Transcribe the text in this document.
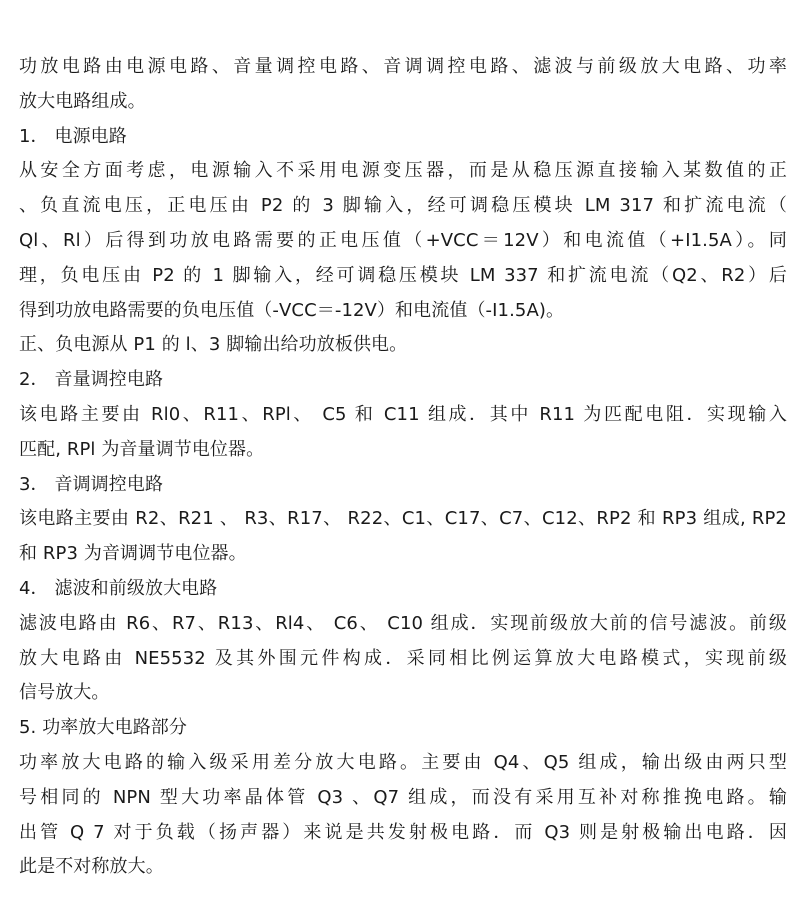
功放电路由电源电路、音量调控电路、音调调控电路、滤波与前级放大电路、功率
放大电路组成。
1． 电源电路
从安全方面考虑，电源输入不采用电源变压器，而是从稳压源直接输入某数值的正
、负直流电压，正电压由 P2 的 3 脚输入，经可调稳压模块 LM 317 和扩流电流（
Ql、Rl）后得到功放电路需要的正电压值（+VCC＝12V）和电流值（+I1.5A）。同
理，负电压由 P2 的 1 脚输入，经可调稳压模块 LM 337 和扩流电流（Q2、R2）后
得到功放电路需要的负电压值（-VCC＝-12V）和电流值（-I1.5A)。
正、负电源从 P1 的 l、3 脚输出给功放板供电。
2． 音量调控电路
该电路主要由 Rl0、R11、RPl、 C5 和 C11 组成．其中 R11 为匹配电阻．实现输入
匹配, RPl 为音量调节电位器。
3． 音调调控电路
该电路主要由 R2、R21 、 R3、R17、 R22、C1、C17、C7、C12、RP2 和 RP3 组成, RP2
和 RP3 为音调调节电位器。
4． 滤波和前级放大电路
滤波电路由 R6、R7、R13、Rl4、 C6、 C10 组成．实现前级放大前的信号滤波。前级
放大电路由 NE5532 及其外围元件构成．采同相比例运算放大电路模式，实现前级
信号放大。
5. 功率放大电路部分
功率放大电路的输入级采用差分放大电路。主要由 Q4、Q5 组成，输出级由两只型
号相同的 NPN 型大功率晶体管 Q3 、Q7 组成，而没有采用互补对称推挽电路。输
出管 Q 7 对于负载（扬声器）来说是共发射极电路．而 Q3 则是射极输出电路．因
此是不对称放大。
